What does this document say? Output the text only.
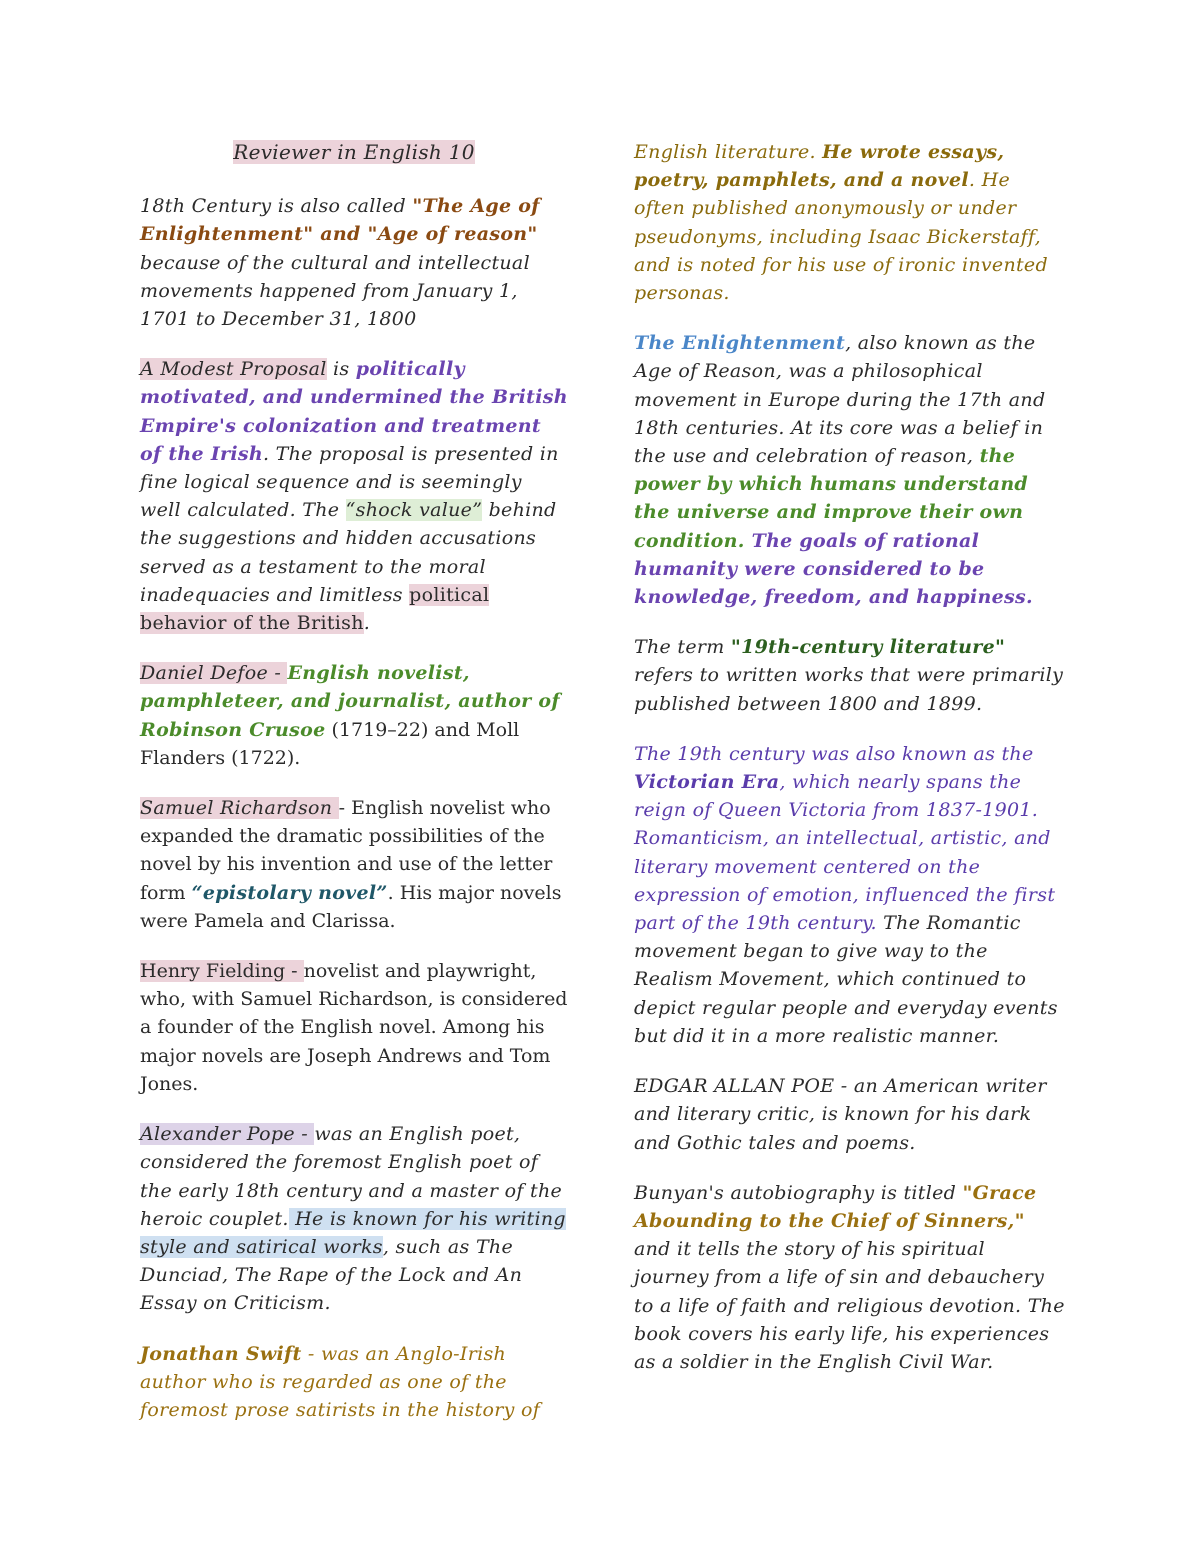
Reviewer in English 10

18th Century is also called "The Age of Enlightenment" and "Age of reason" because of the cultural and intellectual movements happened from January 1, 1701 to December 31, 1800

A Modest Proposal is politically motivated, and undermined the British Empire's colonization and treatment of the Irish. The proposal is presented in fine logical sequence and is seemingly well calculated. The “shock value” behind the suggestions and hidden accusations served as a testament to the moral inadequacies and limitless political behavior of the British.

Daniel Defoe - English novelist, pamphleteer, and journalist, author of Robinson Crusoe (1719–22) and Moll Flanders (1722).

Samuel Richardson - English novelist who expanded the dramatic possibilities of the novel by his invention and use of the letter form “epistolary novel”. His major novels were Pamela and Clarissa.

Henry Fielding - novelist and playwright, who, with Samuel Richardson, is considered a founder of the English novel. Among his major novels are Joseph Andrews and Tom Jones.

Alexander Pope - was an English poet, considered the foremost English poet of the early 18th century and a master of the heroic couplet. He is known for his writing style and satirical works, such as The Dunciad, The Rape of the Lock and An Essay on Criticism.

Jonathan Swift - was an Anglo-Irish author who is regarded as one of the foremost prose satirists in the history of

English literature. He wrote essays, poetry, pamphlets, and a novel. He often published anonymously or under pseudonyms, including Isaac Bickerstaff, and is noted for his use of ironic invented personas.

The Enlightenment, also known as the Age of Reason, was a philosophical movement in Europe during the 17th and 18th centuries. At its core was a belief in the use and celebration of reason, the power by which humans understand the universe and improve their own condition. The goals of rational humanity were considered to be knowledge, freedom, and happiness.

The term "19th-century literature" refers to written works that were primarily published between 1800 and 1899.

The 19th century was also known as the Victorian Era, which nearly spans the reign of Queen Victoria from 1837-1901. Romanticism, an intellectual, artistic, and literary movement centered on the expression of emotion, influenced the first part of the 19th century. The Romantic movement began to give way to the Realism Movement, which continued to depict regular people and everyday events but did it in a more realistic manner.

EDGAR ALLAN POE - an American writer and literary critic, is known for his dark and Gothic tales and poems.

Bunyan's autobiography is titled "Grace Abounding to the Chief of Sinners," and it tells the story of his spiritual journey from a life of sin and debauchery to a life of faith and religious devotion. The book covers his early life, his experiences as a soldier in the English Civil War.
